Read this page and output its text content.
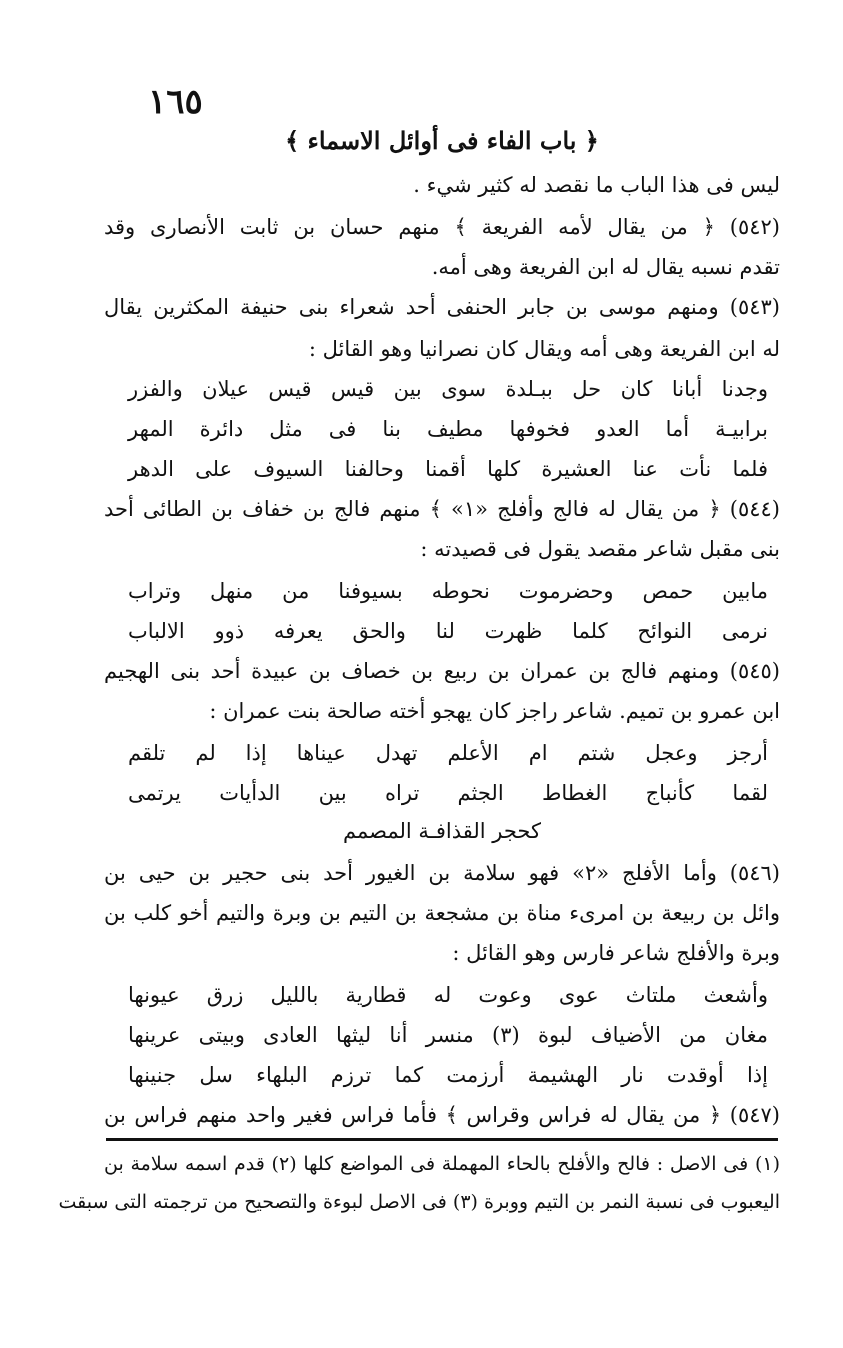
١٦٥
﴿ باب الفاء فى أوائل الاسماء ﴾
ليس فى هذا الباب ما نقصد له كثير شيء .
(٥٤٢) ﴿ من يقال لأمه الفريعة ﴾ منهم حسان بن ثابت الأنصارى وقد
تقدم نسبه يقال له ابن الفريعة وهى أمه.
(٥٤٣) ومنهم موسى بن جابر الحنفى أحد شعراء بنى حنيفة المكثرين يقال
له ابن الفريعة وهى أمه ويقال كان نصرانيا وهو القائل :
وجدنا أبانا كان حل ببـلدة سوى بين قيس قيس عيلان والفزر
برابيـة أما العدو فخوفها مطيف بنا فى مثل دائرة المهر
فلما نأت عنا العشيرة كلها أقمنا وحالفنا السيوف على الدهر
(٥٤٤) ﴿ من يقال له فالج وأفلج «١» ﴾ منهم فالج بن خفاف بن الطائى أحد
بنى مقبل شاعر مقصد يقول فى قصيدته :
مابين حمص وحضرموت نحوطه بسيوفنا من منهل وتراب
نرمى النوائح كلما ظهرت لنا والحق يعرفه ذوو الالباب
(٥٤٥) ومنهم فالج بن عمران بن ربيع بن خصاف بن عبيدة أحد بنى الهجيم
ابن عمرو بن تميم. شاعر راجز كان يهجو أخته صالحة بنت عمران :
أرجز وعجل شتم ام الأعلم تهدل عيناها إذا لم تلقم
لقما كأنباج الغطاط الجثم تراه بين الدأيات يرتمى
كحجر القذافـة المصمم
(٥٤٦) وأما الأفلج «٢» فهو سلامة بن الغيور أحد بنى حجير بن حيى بن
وائل بن ربيعة بن امرىء مناة بن مشجعة بن التيم بن وبرة والتيم أخو كلب بن
وبرة والأفلج شاعر فارس وهو القائل :
وأشعث ملتاث عوى وعوت له قطارية بالليل زرق عيونها
مغان من الأضياف لبوة (٣) منسر أنا ليثها العادى وبيتى عرينها
إذا أوقدت نار الهشيمة أرزمت كما ترزم البلهاء سل جنينها
(٥٤٧) ﴿ من يقال له فراس وقراس ﴾ فأما فراس فغير واحد منهم فراس بن
(١) فى الاصل : فالح والأفلح بالحاء المهملة فى المواضع كلها (٢) قدم اسمه سلامة بن
اليعبوب فى نسبة النمر بن التيم ووبرة (٣) فى الاصل لبوءة والتصحيح من ترجمته التى سبقت
